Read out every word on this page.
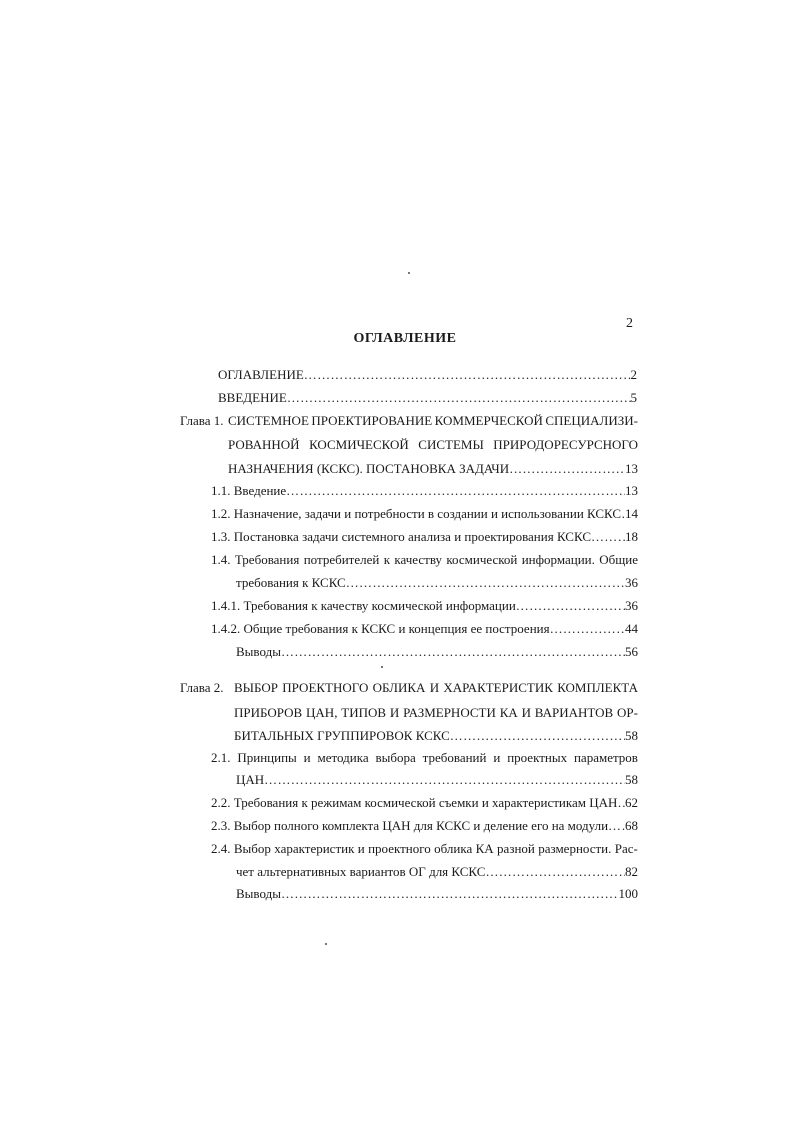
2
ОГЛАВЛЕНИЕ
ОГЛАВЛЕНИЕ …………………………………………………………………………………………………………………………………………………………	2
ВВЕДЕНИЕ …………………………………………………………………………………………………………………………………………………………	5
Глава 1. СИСТЕМНОЕ ПРОЕКТИРОВАНИЕ КОММЕРЧЕСКОЙ СПЕЦИАЛИЗИ-
РОВАННОЙ КОСМИЧЕСКОЙ СИСТЕМЫ ПРИРОДОРЕСУРСНОГО
НАЗНАЧЕНИЯ (КСКС). ПОСТАНОВКА ЗАДАЧИ …………………………………………………………………………………………………………………………………………………………	13
1.1. Введение …………………………………………………………………………………………………………………………………………………………	13
1.2. Назначение, задачи и потребности в создании и использовании КСКС ………………………………………………………………………………………………………………………………………………………… 14
1.3. Постановка задачи системного анализа и проектирования КСКС …………………………………………………………………………………………………………………………………………………………	18
1.4. Требования потребителей к качеству космической информации. Общие
требования к КСКС …………………………………………………………………………………………………………………………………………………………	36
1.4.1. Требования к качеству космической информации …………………………………………………………………………………………………………………………………………………………	36
1.4.2. Общие требования к КСКС и концепция ее построения …………………………………………………………………………………………………………………………………………………………	44
Выводы …………………………………………………………………………………………………………………………………………………………	56
Глава 2. ВЫБОР ПРОЕКТНОГО ОБЛИКА И ХАРАКТЕРИСТИК КОМПЛЕКТА
ПРИБОРОВ ЦАН, ТИПОВ И РАЗМЕРНОСТИ КА И ВАРИАНТОВ ОР-
БИТАЛЬНЫХ ГРУППИРОВОК КСКС …………………………………………………………………………………………………………………………………………………………	58
2.1. Принципы и методика выбора требований и проектных параметров
ЦАН …………………………………………………………………………………………………………………………………………………………	58
2.2. Требования к режимам космической съемки и характеристикам ЦАН ………………………………………………………………………………………………………………………………………………………… 62
2.3. Выбор полного комплекта ЦАН для КСКС и деление его на модули ………………………………………………………………………………………………………………………………………………………… 68
2.4. Выбор характеристик и проектного облика КА разной размерности. Рас-
чет альтернативных вариантов ОГ для КСКС …………………………………………………………………………………………………………………………………………………………	82
Выводы …………………………………………………………………………………………………………………………………………………………	100
